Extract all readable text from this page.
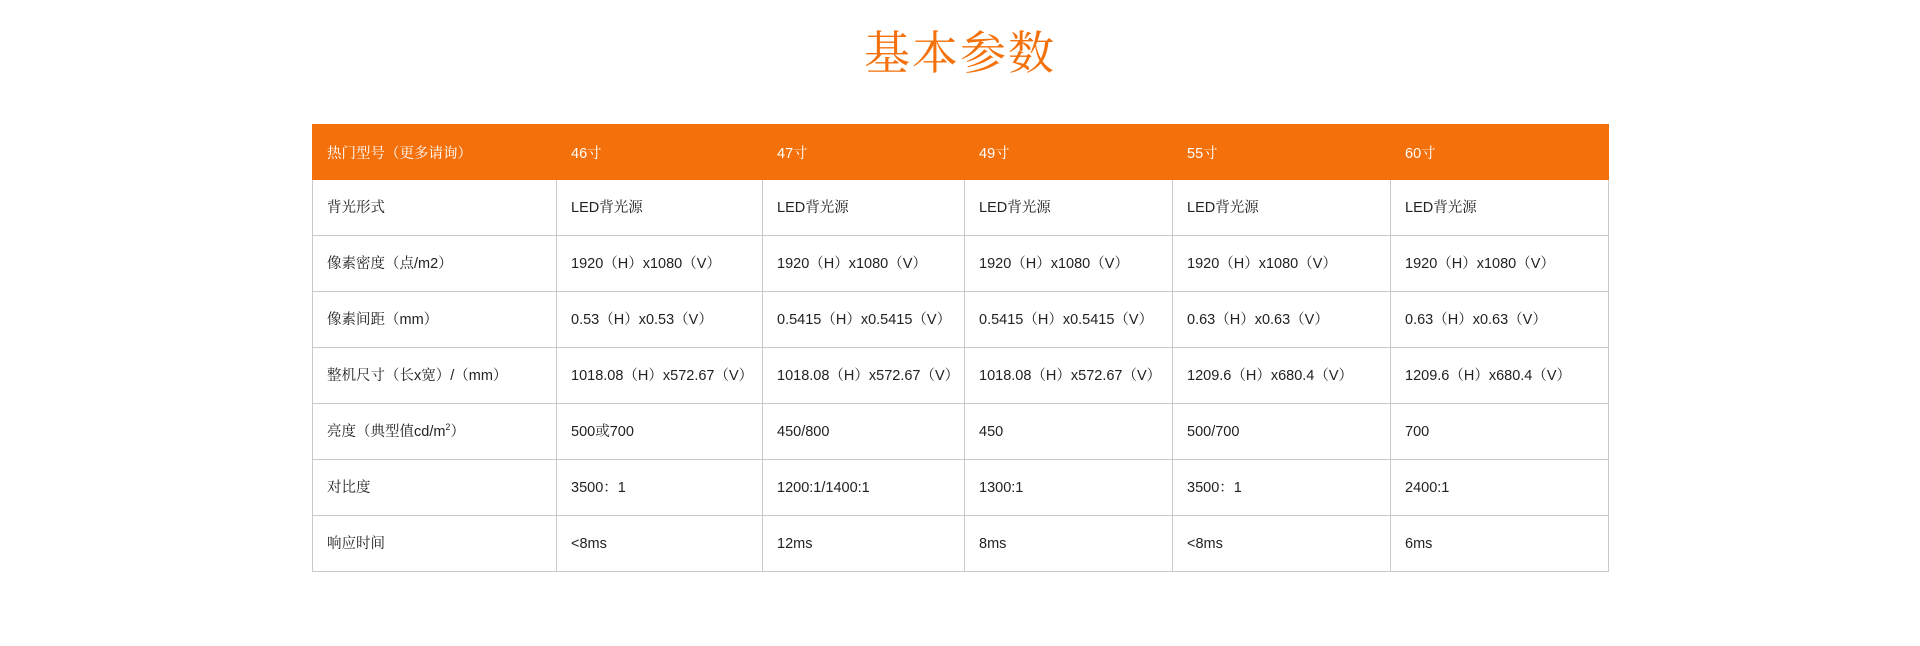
基本参数
热门型号（更多请询）	46寸	47寸	49寸	55寸	60寸
背光形式	LED背光源	LED背光源	LED背光源	LED背光源	LED背光源
像素密度（点/m2）	1920（H）x1080（V）	1920（H）x1080（V）	1920（H）x1080（V）	1920（H）x1080（V）	1920（H）x1080（V）
像素间距（mm）	0.53（H）x0.53（V）	0.5415（H）x0.5415（V）	0.5415（H）x0.5415（V）	0.63（H）x0.63（V）	0.63（H）x0.63（V）
整机尺寸（长x宽）/（mm）	1018.08（H）x572.67（V）	1018.08（H）x572.67（V）	1018.08（H）x572.67（V）	1209.6（H）x680.4（V）	1209.6（H）x680.4（V）
亮度（典型值$cd/m^2$）	500或700	450/800	450	500/700	700
对比度	3500：1	1200:1/1400:1	1300:1	3500：1	2400:1
响应时间	<8ms	12ms	8ms	<8ms	6ms
